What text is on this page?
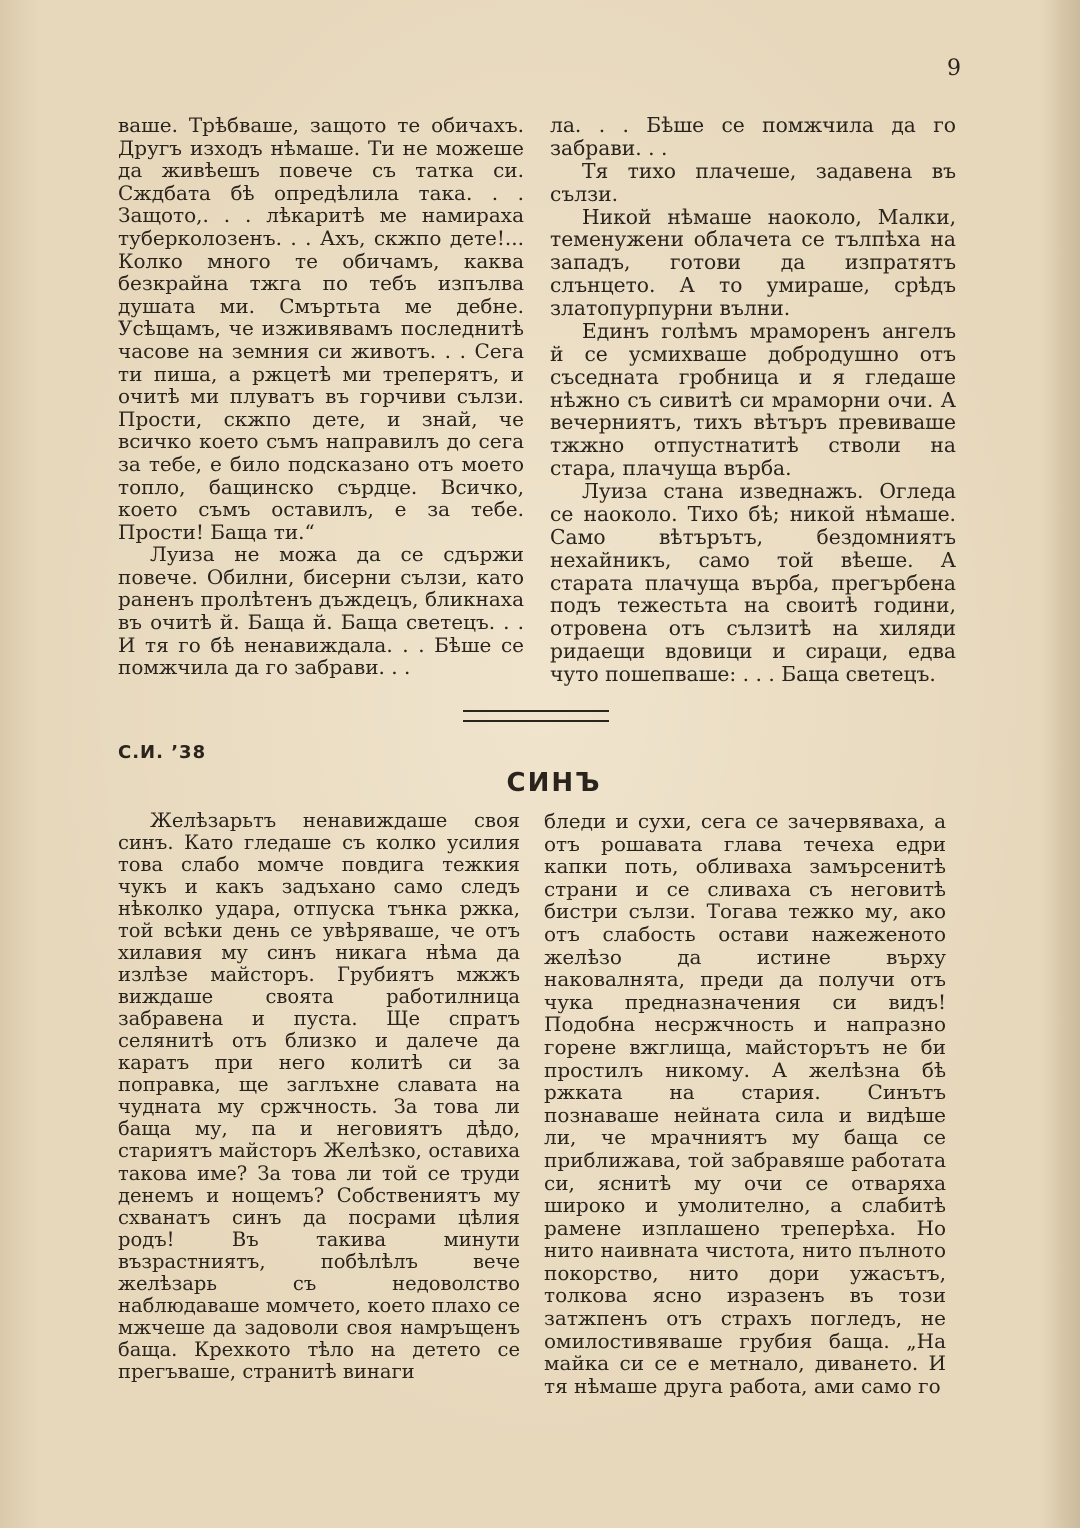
9

ваше. Трѣбваше, защото те обичахъ. Другъ изходъ нѣмаше. Ти не можеше да живѣешъ повече съ татка си. Сждбата бѣ опредѣлила така. . . Защото,. . . лѣкаритѣ ме намираха туберколозенъ. . . Ахъ, скжпо дете!... Колко много те обичамъ, каква безкрайна тжга по тебъ изпълва душата ми. Смъртьта ме дебне. Усѣщамъ, че изживявамъ последнитѣ часове на земния си животъ. . . Сега ти пиша, а ржцетѣ ми треперятъ, и очитѣ ми плуватъ въ горчиви сълзи. Прости, скжпо дете, и знай, че всичко което съмъ направилъ до сега за тебе, е било подсказано отъ моето топло, бащинско сърдце. Всичко, което съмъ оставилъ, е за тебе. Прости! Баща ти.“

Луиза не можа да се сдържи повече. Обилни, бисерни сълзи, като раненъ пролѣтенъ дъждецъ, бликнаха въ очитѣ й. Баща й. Баща светецъ. . . И тя го бѣ ненавиждала. . . Бѣше се помжчила да го забрави. . .

ла. . . Бѣше се помжчила да го забрави. . .

Тя тихо плачеше, задавена въ сълзи.

Никой нѣмаше наоколо, Малки, теменужени облачета се тълпѣха на западъ, готови да изпратятъ слънцето. А то умираше, срѣдъ златопурпурни вълни.

Единъ голѣмъ мраморенъ ангелъ й се усмихваше добродушно отъ съседната гробница и я гледаше нѣжно съ сивитѣ си мраморни очи. А вечерниятъ, тихъ вѣтъръ превиваше тжжно отпустнатитѣ стволи на стара, плачуща върба.

Луиза стана изведнажъ. Огледа се наоколо. Тихо бѣ; никой нѣмаше. Само вѣтърътъ, бездомниятъ нехайникъ, само той вѣеше. А старата плачуща върба, прегърбена подъ тежестьта на своитѣ години, отровена отъ сълзитѣ на хиляди ридаещи вдовици и сираци, едва чуто пошепваше: . . . Баща светецъ.

С.И. ’38
СИНЪ

Желѣзарьтъ ненавиждаше своя синъ. Като гледаше съ колко усилия това слабо момче повдига тежкия чукъ и какъ задъхано само следъ нѣколко удара, отпуска тънка ржка, той всѣки день се увѣряваше, че отъ хилавия му синъ никага нѣма да излѣзе майсторъ. Грубиятъ мжжъ виждаше своята работилница забравена и пуста. Ще спратъ селянитѣ отъ близко и далече да каратъ при него колитѣ си за поправка, ще заглъхне славата на чудната му сржчность. За това ли баща му, па и неговиятъ дѣдо, стариятъ майсторъ Желѣзко, оставиха такова име? За това ли той се труди денемъ и нощемъ? Собствениятъ му схванатъ синъ да посрами цѣлия родъ! Въ такива минути възрастниятъ, побѣлѣлъ вече желѣзарь съ недоволство наблюдаваше момчето, което плахо се мжчеше да задоволи своя намръщенъ баща. Крехкото тѣло на детето се прегъваше, странитѣ винаги

бледи и сухи, сега се зачервяваха, а отъ рошавата глава течеха едри капки поть, обливаха замърсенитѣ страни и се сливаха съ неговитѣ бистри сълзи. Тогава тежко му, ако отъ слабость остави нажеженото желѣзо да истине върху наковалнята, преди да получи отъ чука предназначения си видъ! Подобна несржчность и напразно горене вжглища, майсторътъ не би простилъ никому. А желѣзна бѣ ржката на стария. Синътъ познаваше нейната сила и видѣше ли, че мрачниятъ му баща се приближава, той забравяше работата си, яснитѣ му очи се отваряха широко и умолително, а слабитѣ рамене изплашено треперѣха. Но нито наивната чистота, нито пълното покорство, нито дори ужасътъ, толкова ясно изразенъ въ този затжпенъ отъ страхъ погледъ, не омилостивяваше грубия баща. „На майка си се е метнало, диването. И тя нѣмаше друга работа, ами само го
